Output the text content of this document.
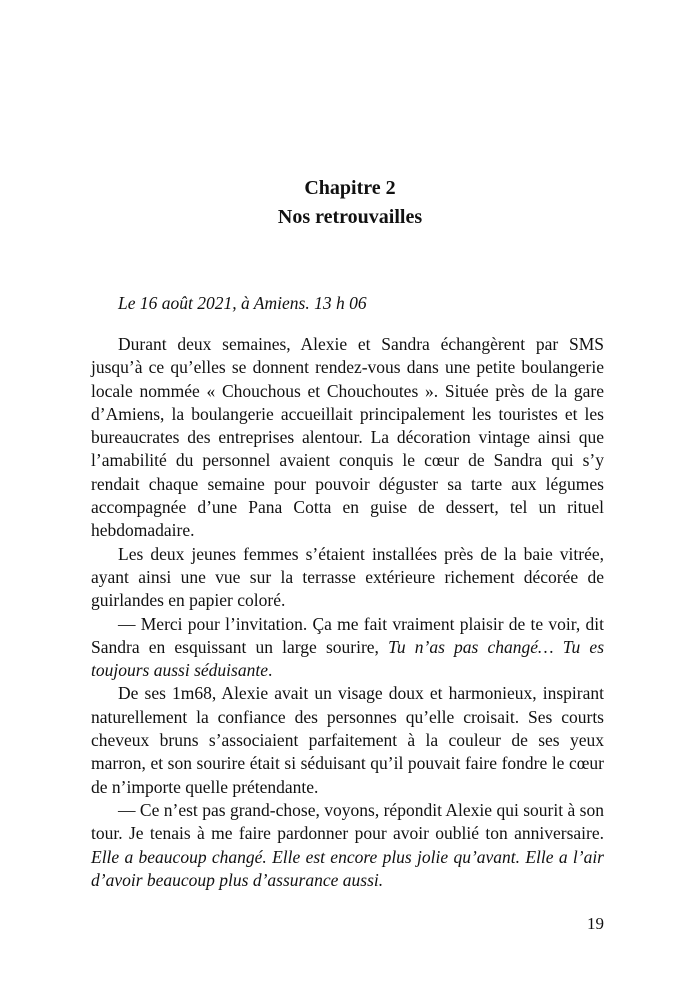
Chapitre 2
Nos retrouvailles
Le 16 août 2021, à Amiens. 13 h 06

Durant deux semaines, Alexie et Sandra échangèrent par SMS jusqu’à ce qu’elles se donnent rendez-vous dans une petite boulangerie locale nommée « Chouchous et Chouchoutes ». Située près de la gare d’Amiens, la boulangerie accueillait principalement les touristes et les bureaucrates des entreprises alentour. La décoration vintage ainsi que l’amabilité du personnel avaient conquis le cœur de Sandra qui s’y rendait chaque semaine pour pouvoir déguster sa tarte aux légumes accompagnée d’une Pana Cotta en guise de dessert, tel un rituel hebdomadaire.

Les deux jeunes femmes s’étaient installées près de la baie vitrée, ayant ainsi une vue sur la terrasse extérieure richement décorée de guirlandes en papier coloré.

— Merci pour l’invitation. Ça me fait vraiment plaisir de te voir, dit Sandra en esquissant un large sourire, Tu n’as pas changé… Tu es toujours aussi séduisante.

De ses 1m68, Alexie avait un visage doux et harmonieux, inspirant naturellement la confiance des personnes qu’elle croisait. Ses courts cheveux bruns s’associaient parfaitement à la couleur de ses yeux marron, et son sourire était si séduisant qu’il pouvait faire fondre le cœur de n’importe quelle prétendante.

— Ce n’est pas grand-chose, voyons, répondit Alexie qui sourit à son tour. Je tenais à me faire pardonner pour avoir oublié ton anniversaire. Elle a beaucoup changé. Elle est encore plus jolie qu’avant. Elle a l’air d’avoir beaucoup plus d’assurance aussi.

19
